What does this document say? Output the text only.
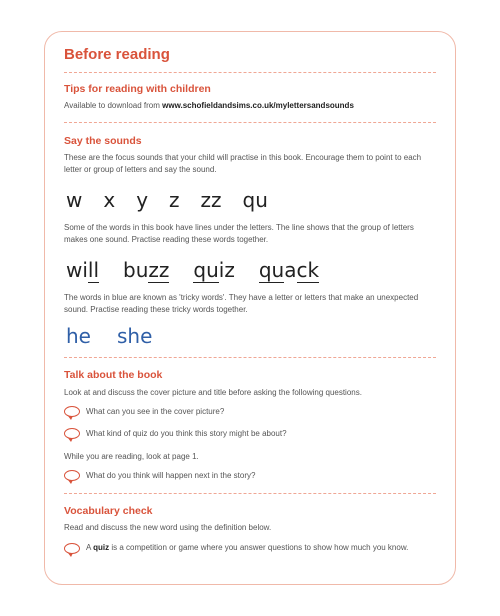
Before reading
Tips for reading with children
Available to download from www.schofieldandsims.co.uk/mylettersandsounds
Say the sounds
These are the focus sounds that your child will practise in this book. Encourage them to point to each letter or group of letters and say the sound.
w x y z zz qu
Some of the words in this book have lines under the letters. The line shows that the group of letters makes one sound. Practise reading these words together.
will buzz quiz quack
The words in blue are known as 'tricky words'. They have a letter or letters that make an unexpected sound. Practise reading these tricky words together.
he she
Talk about the book
Look at and discuss the cover picture and title before asking the following questions.
What can you see in the cover picture?
What kind of quiz do you think this story might be about?
While you are reading, look at page 1.
What do you think will happen next in the story?
Vocabulary check
Read and discuss the new word using the definition below.
A quiz is a competition or game where you answer questions to show how much you know.
